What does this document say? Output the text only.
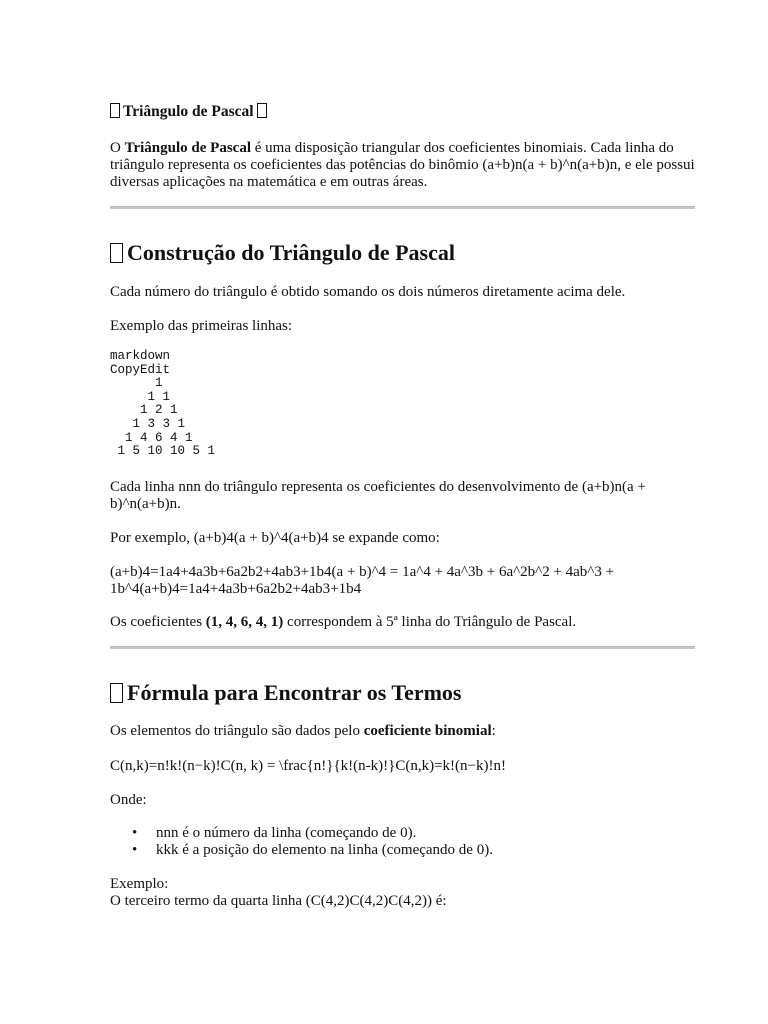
Triângulo de Pascal

O Triângulo de Pascal é uma disposição triangular dos coeficientes binomiais. Cada linha do triângulo representa os coeficientes das potências do binômio (a+b)n(a + b)^n(a+b)n, e ele possui diversas aplicações na matemática e em outras áreas.

Construção do Triângulo de Pascal

Cada número do triângulo é obtido somando os dois números diretamente acima dele.

Exemplo das primeiras linhas:

markdown
CopyEdit
1
1 1
1 2 1
1 3 3 1
1 4 6 4 1
1 5 10 10 5 1

Cada linha nnn do triângulo representa os coeficientes do desenvolvimento de (a+b)n(a + b)^n(a+b)n.

Por exemplo, (a+b)4(a + b)^4(a+b)4 se expande como:

(a+b)4=1a4+4a3b+6a2b2+4ab3+1b4(a + b)^4 = 1a^4 + 4a^3b + 6a^2b^2 + 4ab^3 + 1b^4(a+b)4=1a4+4a3b+6a2b2+4ab3+1b4

Os coeficientes (1, 4, 6, 4, 1) correspondem à 5ª linha do Triângulo de Pascal.

Fórmula para Encontrar os Termos

Os elementos do triângulo são dados pelo coeficiente binomial:

C(n,k)=n!k!(n−k)!C(n, k) = \frac{n!}{k!(n-k)!}C(n,k)=k!(n−k)!n!

Onde:

• nnn é o número da linha (começando de 0).
• kkk é a posição do elemento na linha (começando de 0).

Exemplo:

O terceiro termo da quarta linha (C(4,2)C(4,2)C(4,2)) é:
